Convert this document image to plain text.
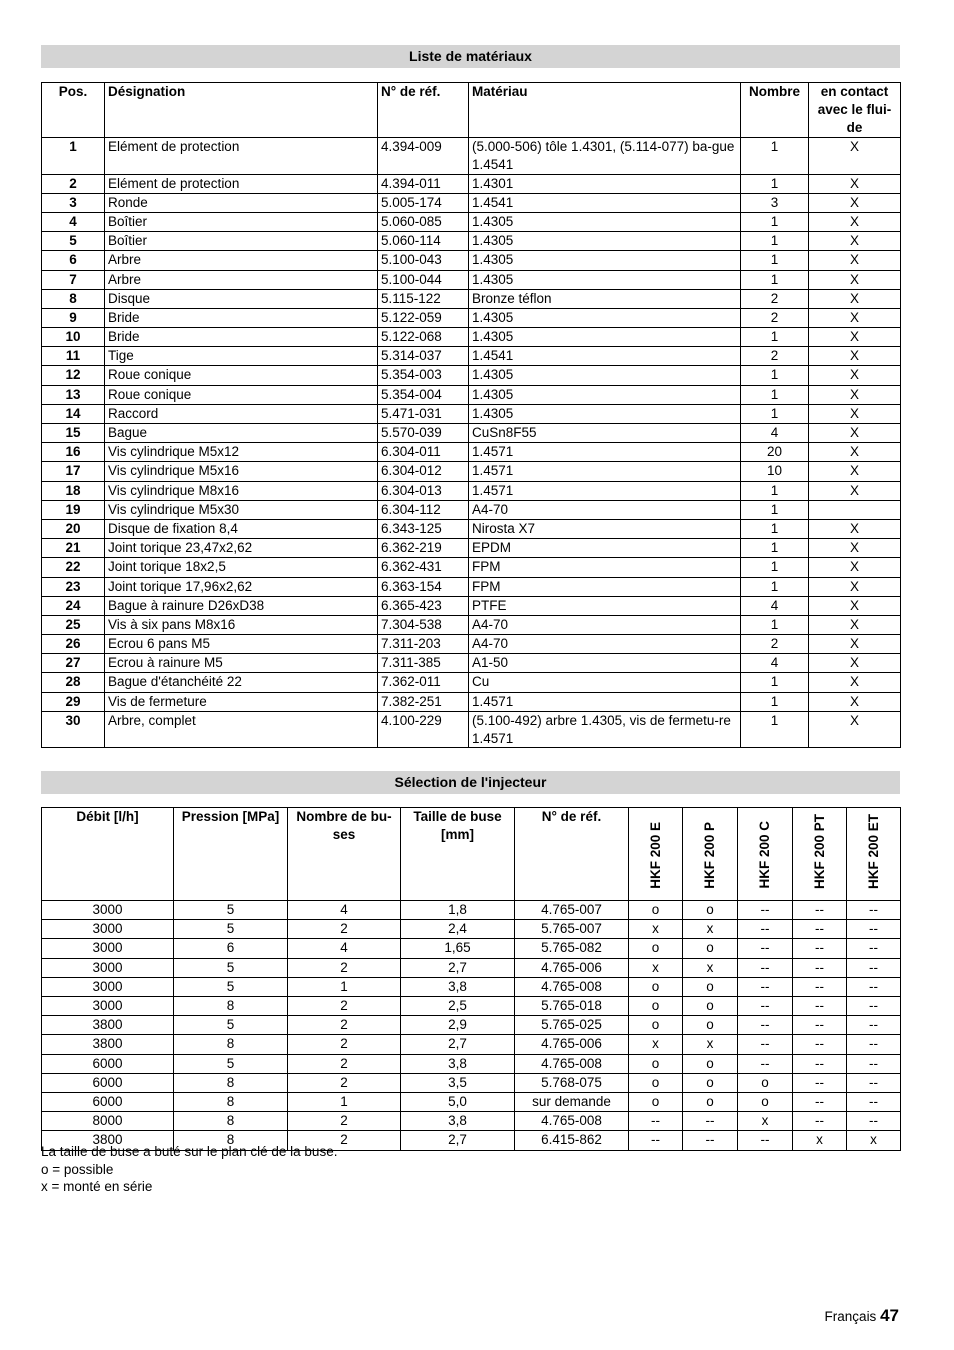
Liste de matériaux
Pos.	Désignation	N° de réf.	Matériau	Nombre	en contact avec le flui-de
1	Elément de protection	4.394-009	(5.000-506) tôle 1.4301, (5.114-077) ba-gue 1.4541	1	X
2	Elément de protection	4.394-011	1.4301	1	X
3	Ronde	5.005-174	1.4541	3	X
4	Boîtier	5.060-085	1.4305	1	X
5	Boîtier	5.060-114	1.4305	1	X
6	Arbre	5.100-043	1.4305	1	X
7	Arbre	5.100-044	1.4305	1	X
8	Disque	5.115-122	Bronze téflon	2	X
9	Bride	5.122-059	1.4305	2	X
10	Bride	5.122-068	1.4305	1	X
11	Tige	5.314-037	1.4541	2	X
12	Roue conique	5.354-003	1.4305	1	X
13	Roue conique	5.354-004	1.4305	1	X
14	Raccord	5.471-031	1.4305	1	X
15	Bague	5.570-039	CuSn8F55	4	X
16	Vis cylindrique M5x12	6.304-011	1.4571	20	X
17	Vis cylindrique M5x16	6.304-012	1.4571	10	X
18	Vis cylindrique M8x16	6.304-013	1.4571	1	X
19	Vis cylindrique M5x30	6.304-112	A4-70	1	
20	Disque de fixation 8,4	6.343-125	Nirosta X7	1	X
21	Joint torique 23,47x2,62	6.362-219	EPDM	1	X
22	Joint torique 18x2,5	6.362-431	FPM	1	X
23	Joint torique 17,96x2,62	6.363-154	FPM	1	X
24	Bague à rainure D26xD38	6.365-423	PTFE	4	X
25	Vis à six pans M8x16	7.304-538	A4-70	1	X
26	Ecrou 6 pans M5	7.311-203	A4-70	2	X
27	Ecrou à rainure M5	7.311-385	A1-50	4	X
28	Bague d'étanchéité 22	7.362-011	Cu	1	X
29	Vis de fermeture	7.382-251	1.4571	1	X
30	Arbre, complet	4.100-229	(5.100-492) arbre 1.4305, vis de fermetu-re 1.4571	1	X
Sélection de l'injecteur
Débit [l/h]	Pression [MPa]	Nombre de bu-ses	Taille de buse [mm]	N° de réf.	HKF 200 E	HKF 200 P	HKF 200 C	HKF 200 PT	HKF 200 ET
3000	5	4	1,8	4.765-007	o	o	--	--	--
3000	5	2	2,4	5.765-007	x	x	--	--	--
3000	6	4	1,65	5.765-082	o	o	--	--	--
3000	5	2	2,7	4.765-006	x	x	--	--	--
3000	5	1	3,8	4.765-008	o	o	--	--	--
3000	8	2	2,5	5.765-018	o	o	--	--	--
3800	5	2	2,9	5.765-025	o	o	--	--	--
3800	8	2	2,7	4.765-006	x	x	--	--	--
6000	5	2	3,8	4.765-008	o	o	--	--	--
6000	8	2	3,5	5.768-075	o	o	o	--	--
6000	8	1	5,0	sur demande	o	o	o	--	--
8000	8	2	3,8	4.765-008	--	--	x	--	--
3800	8	2	2,7	6.415-862	--	--	--	x	x
La taille de buse a buté sur le plan clé de la buse.
o = possible
x = monté en série
Français 47
